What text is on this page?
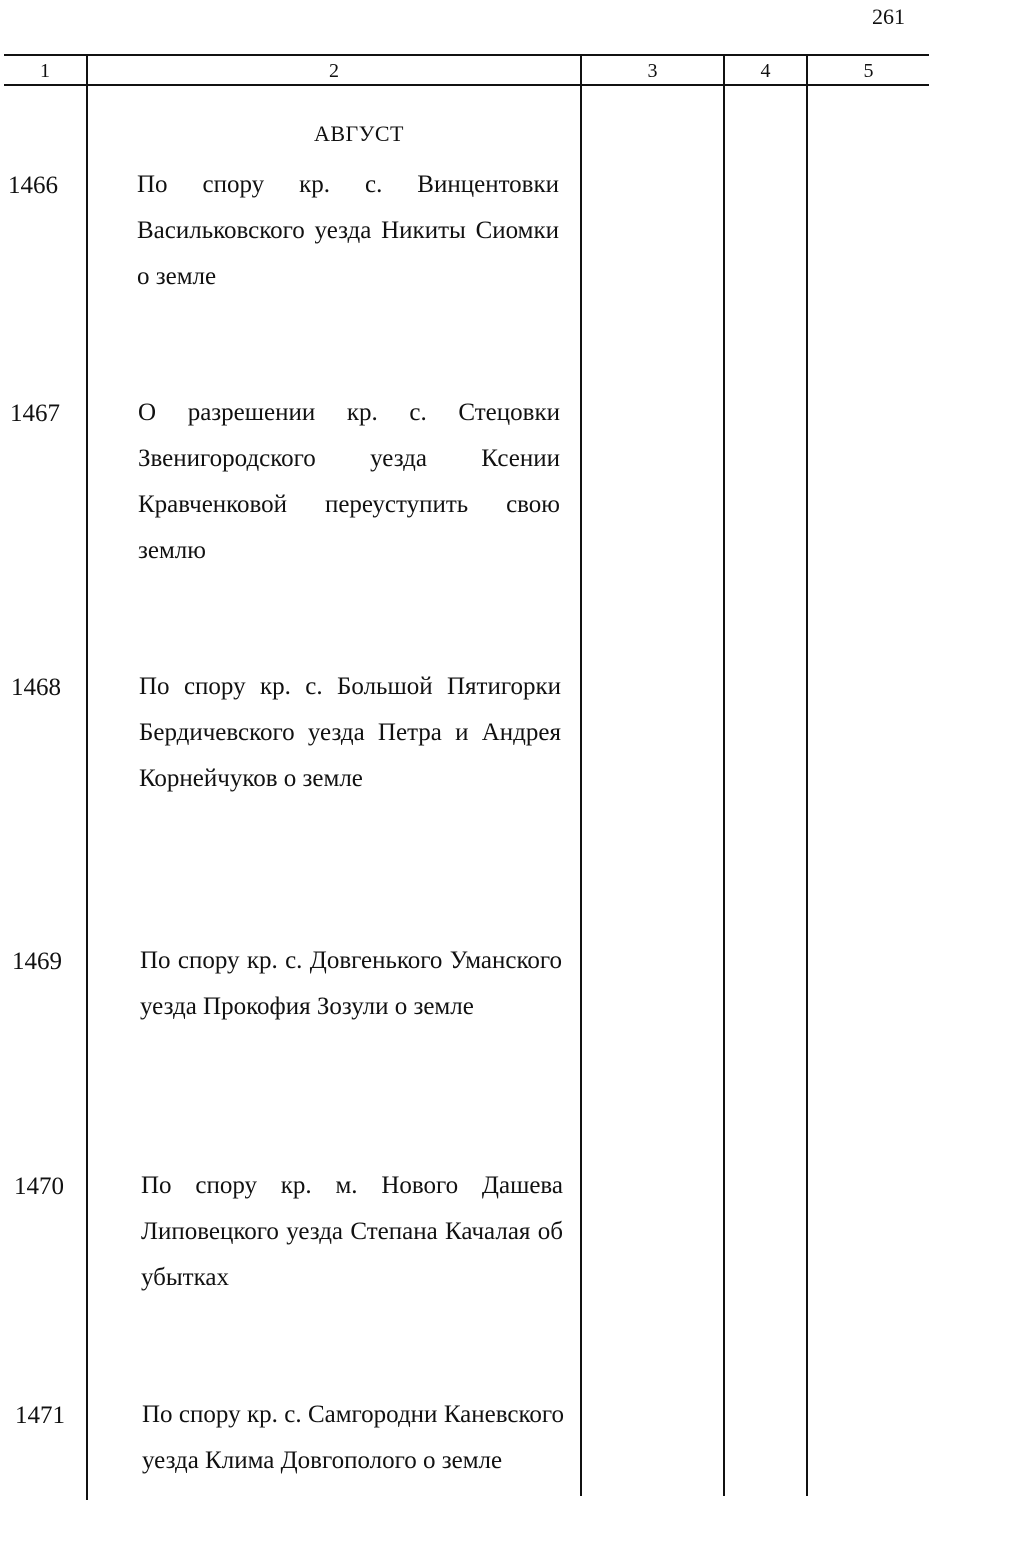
261
1	2	3	4	5
АВГУСТ
1466	По спору кр. с. Винцентовки Васильковского уезда Никиты Сиомки о земле
1467	О разрешении кр. с. Стецовки Звенигородского уезда Ксении Кравченковой переуступить свою землю
1468	По спору кр. с. Большой Пятигорки Бердичевского уезда Петра и Андрея Корнейчуков о земле
1469	По спору кр. с. Довгенького Уманского уезда Прокофия Зозули о земле
1470	По спору кр. м. Нового Дашева Липовецкого уезда Степана Качалая об убытках
1471	По спору кр. с. Самгородни Каневского уезда Клима Довгополого о земле
